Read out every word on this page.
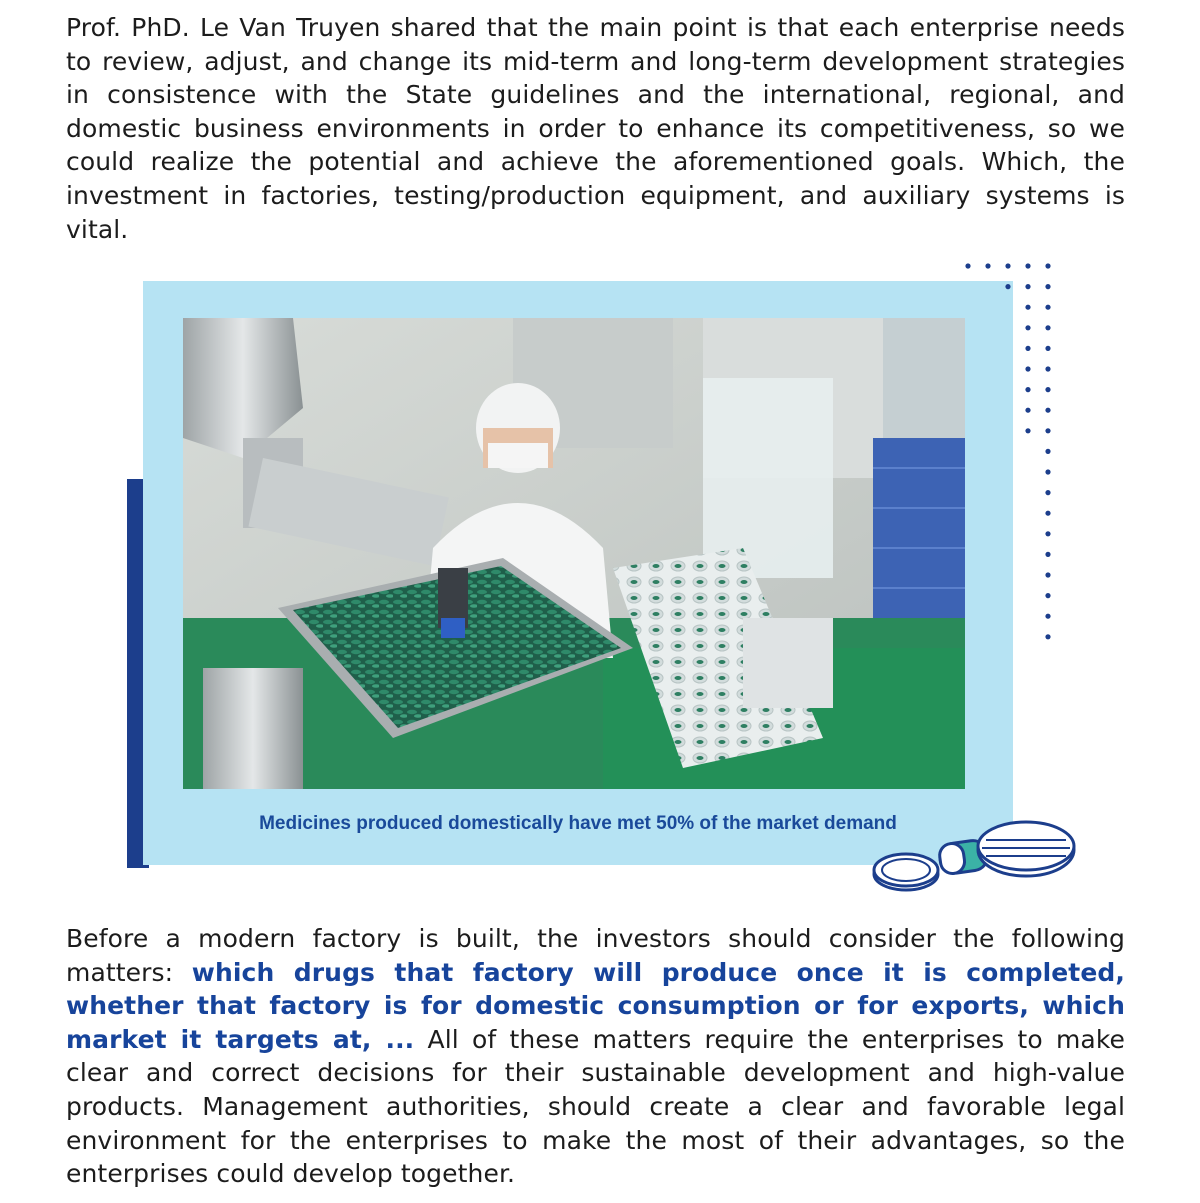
Prof. PhD. Le Van Truyen shared that the main point is that each enterprise needs to review, adjust, and change its mid-term and long-term development strategies in consistence with the State guidelines and the international, regional, and domestic business environments in order to enhance its competitiveness, so we could realize the potential and achieve the aforementioned goals. Which, the investment in factories, testing/production equipment, and auxiliary systems is vital.

Medicines produced domestically have met 50% of the market demand

Before a modern factory is built, the investors should consider the following matters: which drugs that factory will produce once it is completed, whether that factory is for domestic consumption or for exports, which market it targets at, ... All of these matters require the enterprises to make clear and correct decisions for their sustainable development and high-value products. Management authorities, should create a clear and favorable legal environment for the enterprises to make the most of their advantages, so the enterprises could develop together.
